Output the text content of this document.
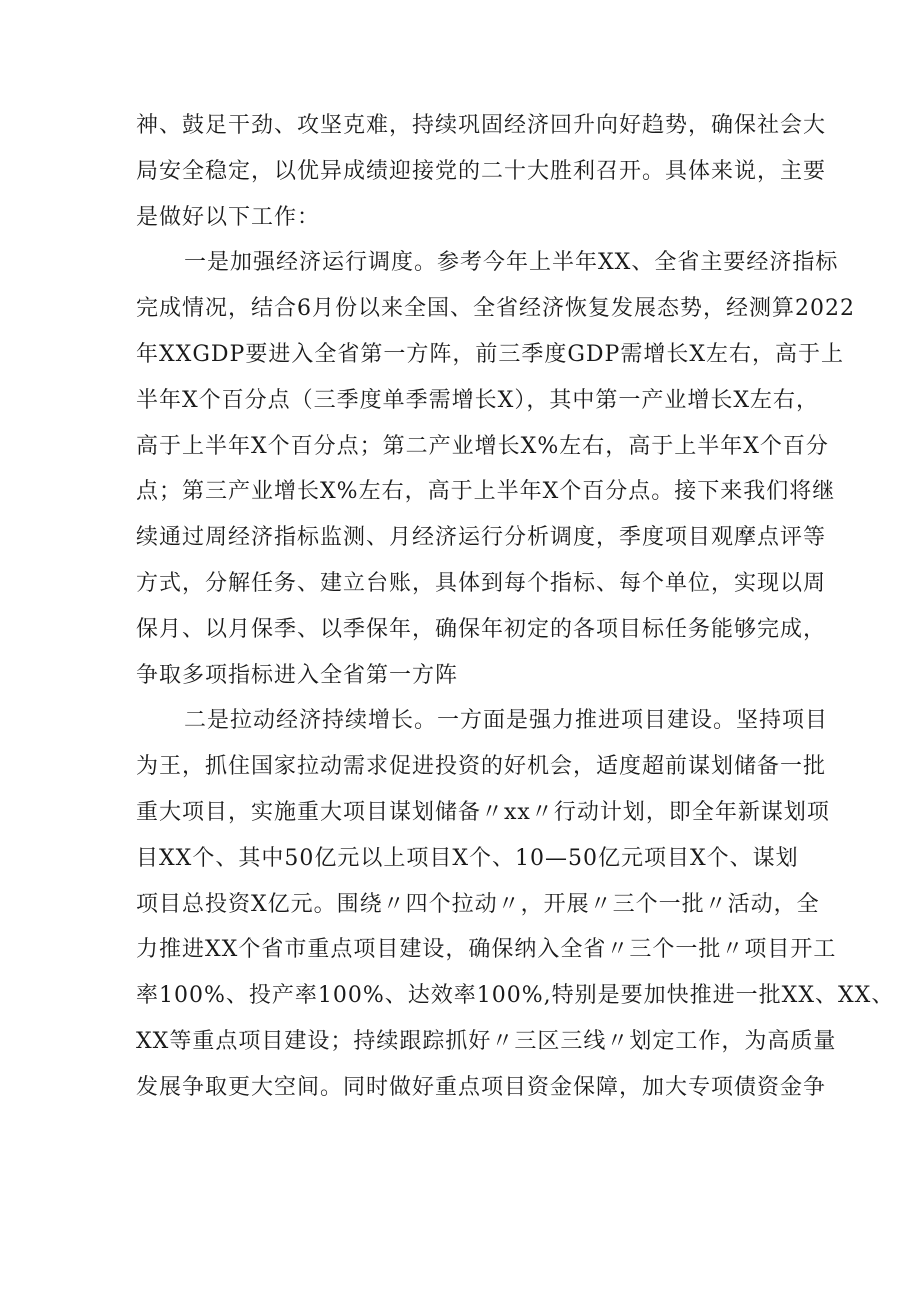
神、鼓足干劲、攻坚克难，持续巩固经济回升向好趋势，确保社会大
局安全稳定，以优异成绩迎接党的二十大胜利召开。具体来说，主要
是做好以下工作：
一是加强经济运行调度。参考今年上半年XX、全省主要经济指标
完成情况，结合6月份以来全国、全省经济恢复发展态势，经测算2022
年XXGDP要进入全省第一方阵，前三季度GDP需增长X左右，高于上
半年X个百分点（三季度单季需增长X），其中第一产业增长X左右，
高于上半年X个百分点；第二产业增长X%左右，高于上半年X个百分
点；第三产业增长X%左右，高于上半年X个百分点。接下来我们将继
续通过周经济指标监测、月经济运行分析调度，季度项目观摩点评等
方式，分解任务、建立台账，具体到每个指标、每个单位，实现以周
保月、以月保季、以季保年，确保年初定的各项目标任务能够完成，
争取多项指标进入全省第一方阵
二是拉动经济持续增长。一方面是强力推进项目建设。坚持项目
为王，抓住国家拉动需求促进投资的好机会，适度超前谋划储备一批
重大项目，实施重大项目谋划储备〃xx〃行动计划，即全年新谋划项
目XX个、其中50亿元以上项目X个、10—50亿元项目X个、谋划
项目总投资X亿元。围绕〃四个拉动〃，开展〃三个一批〃活动，全
力推进XX个省市重点项目建设，确保纳入全省〃三个一批〃项目开工
率100%、投产率100%、达效率100%,特别是要加快推进一批XX、XX、
XX等重点项目建设；持续跟踪抓好〃三区三线〃划定工作，为高质量
发展争取更大空间。同时做好重点项目资金保障，加大专项债资金争
